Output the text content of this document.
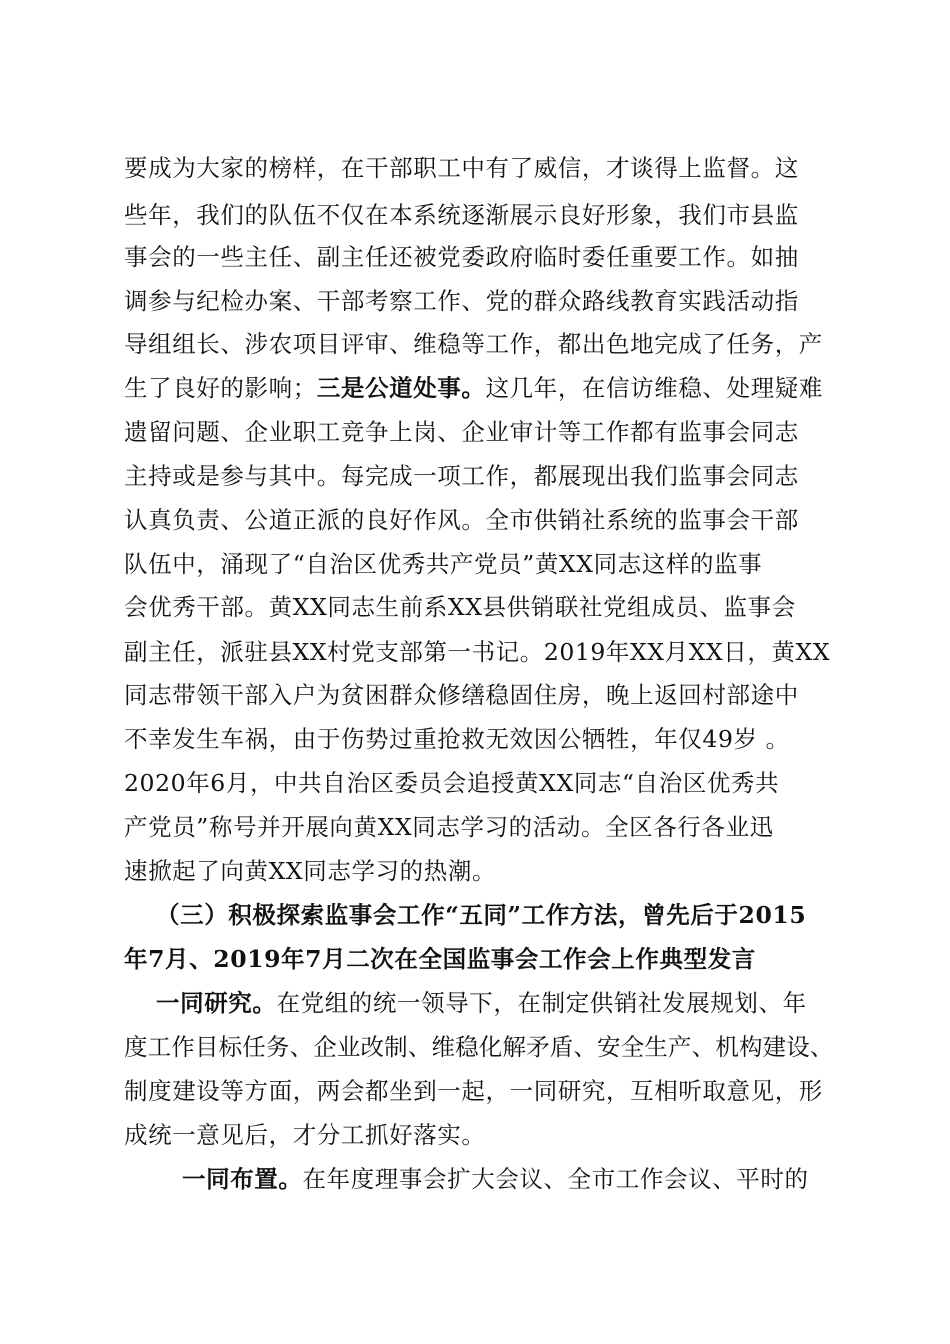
要成为大家的榜样，在干部职工中有了威信，才谈得上监督。这
些年，我们的队伍不仅在本系统逐渐展示良好形象，我们市县监
事会的一些主任、副主任还被党委政府临时委任重要工作。如抽
调参与纪检办案、干部考察工作、党的群众路线教育实践活动指
导组组长、涉农项目评审、维稳等工作，都出色地完成了任务，产
生了良好的影响；三是公道处事。这几年，在信访维稳、处理疑难
遗留问题、企业职工竞争上岗、企业审计等工作都有监事会同志
主持或是参与其中。每完成一项工作，都展现出我们监事会同志
认真负责、公道正派的良好作风。全市供销社系统的监事会干部
队伍中，涌现了“自治区优秀共产党员”黄XX同志这样的监事
会优秀干部。黄XX同志生前系XX县供销联社党组成员、监事会
副主任，派驻县XX村党支部第一书记。2019年XX月XX日，黄XX
同志带领干部入户为贫困群众修缮稳固住房，晚上返回村部途中
不幸发生车祸，由于伤势过重抢救无效因公牺牲，年仅49岁 。
2020年6月，中共自治区委员会追授黄XX同志“自治区优秀共
产党员”称号并开展向黄XX同志学习的活动。全区各行各业迅
速掀起了向黄XX同志学习的热潮。
（三）积极探索监事会工作“五同”工作方法，曾先后于2015
年7月、2019年7月二次在全国监事会工作会上作典型发言
一同研究。在党组的统一领导下，在制定供销社发展规划、年
度工作目标任务、企业改制、维稳化解矛盾、安全生产、机构建设、
制度建设等方面，两会都坐到一起，一同研究，互相听取意见，形
成统一意见后，才分工抓好落实。
一同布置。在年度理事会扩大会议、全市工作会议、平时的
